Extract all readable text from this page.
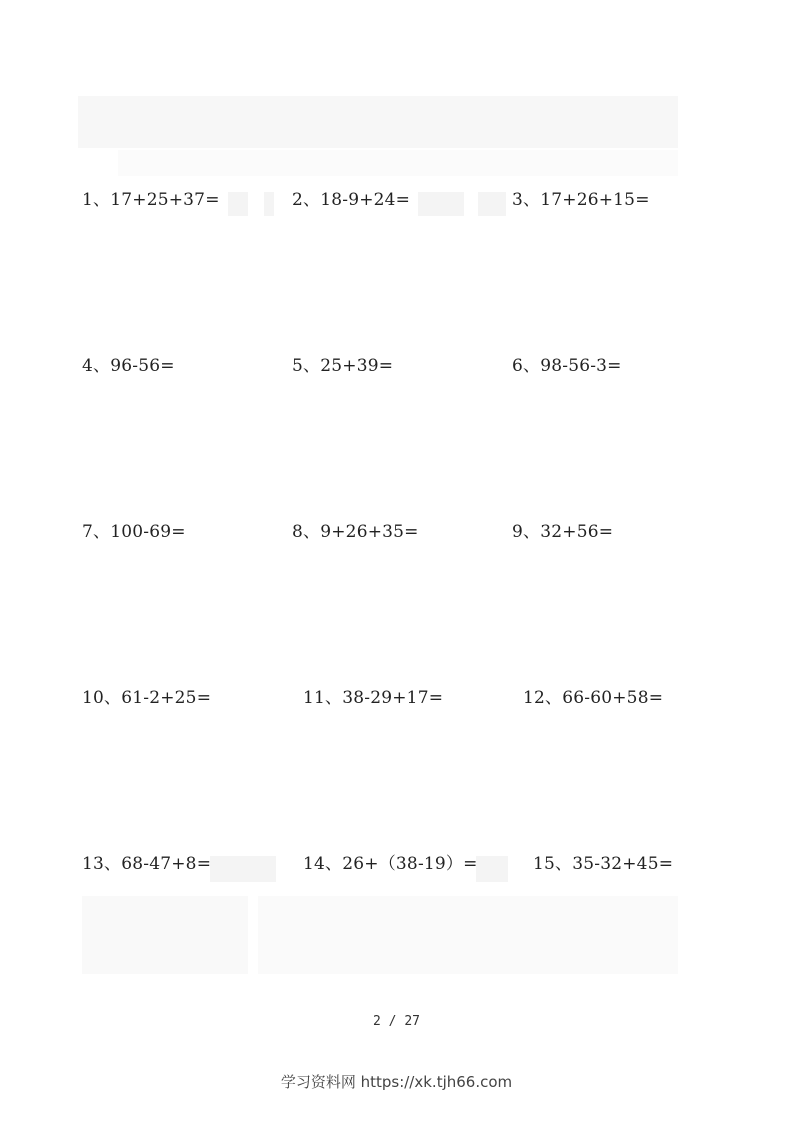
1、17+25+37=	2、18-9+24=	3、17+26+15=
4、96-56=	5、25+39=	6、98-56-3=
7、100-69=	8、9+26+35=	9、32+56=
10、61-2+25=	11、38-29+17=	12、66-60+58=
13、68-47+8=	14、26+（38-19）=	15、35-32+45=
2 / 27
学习资料网 https://xk.tjh66.com
